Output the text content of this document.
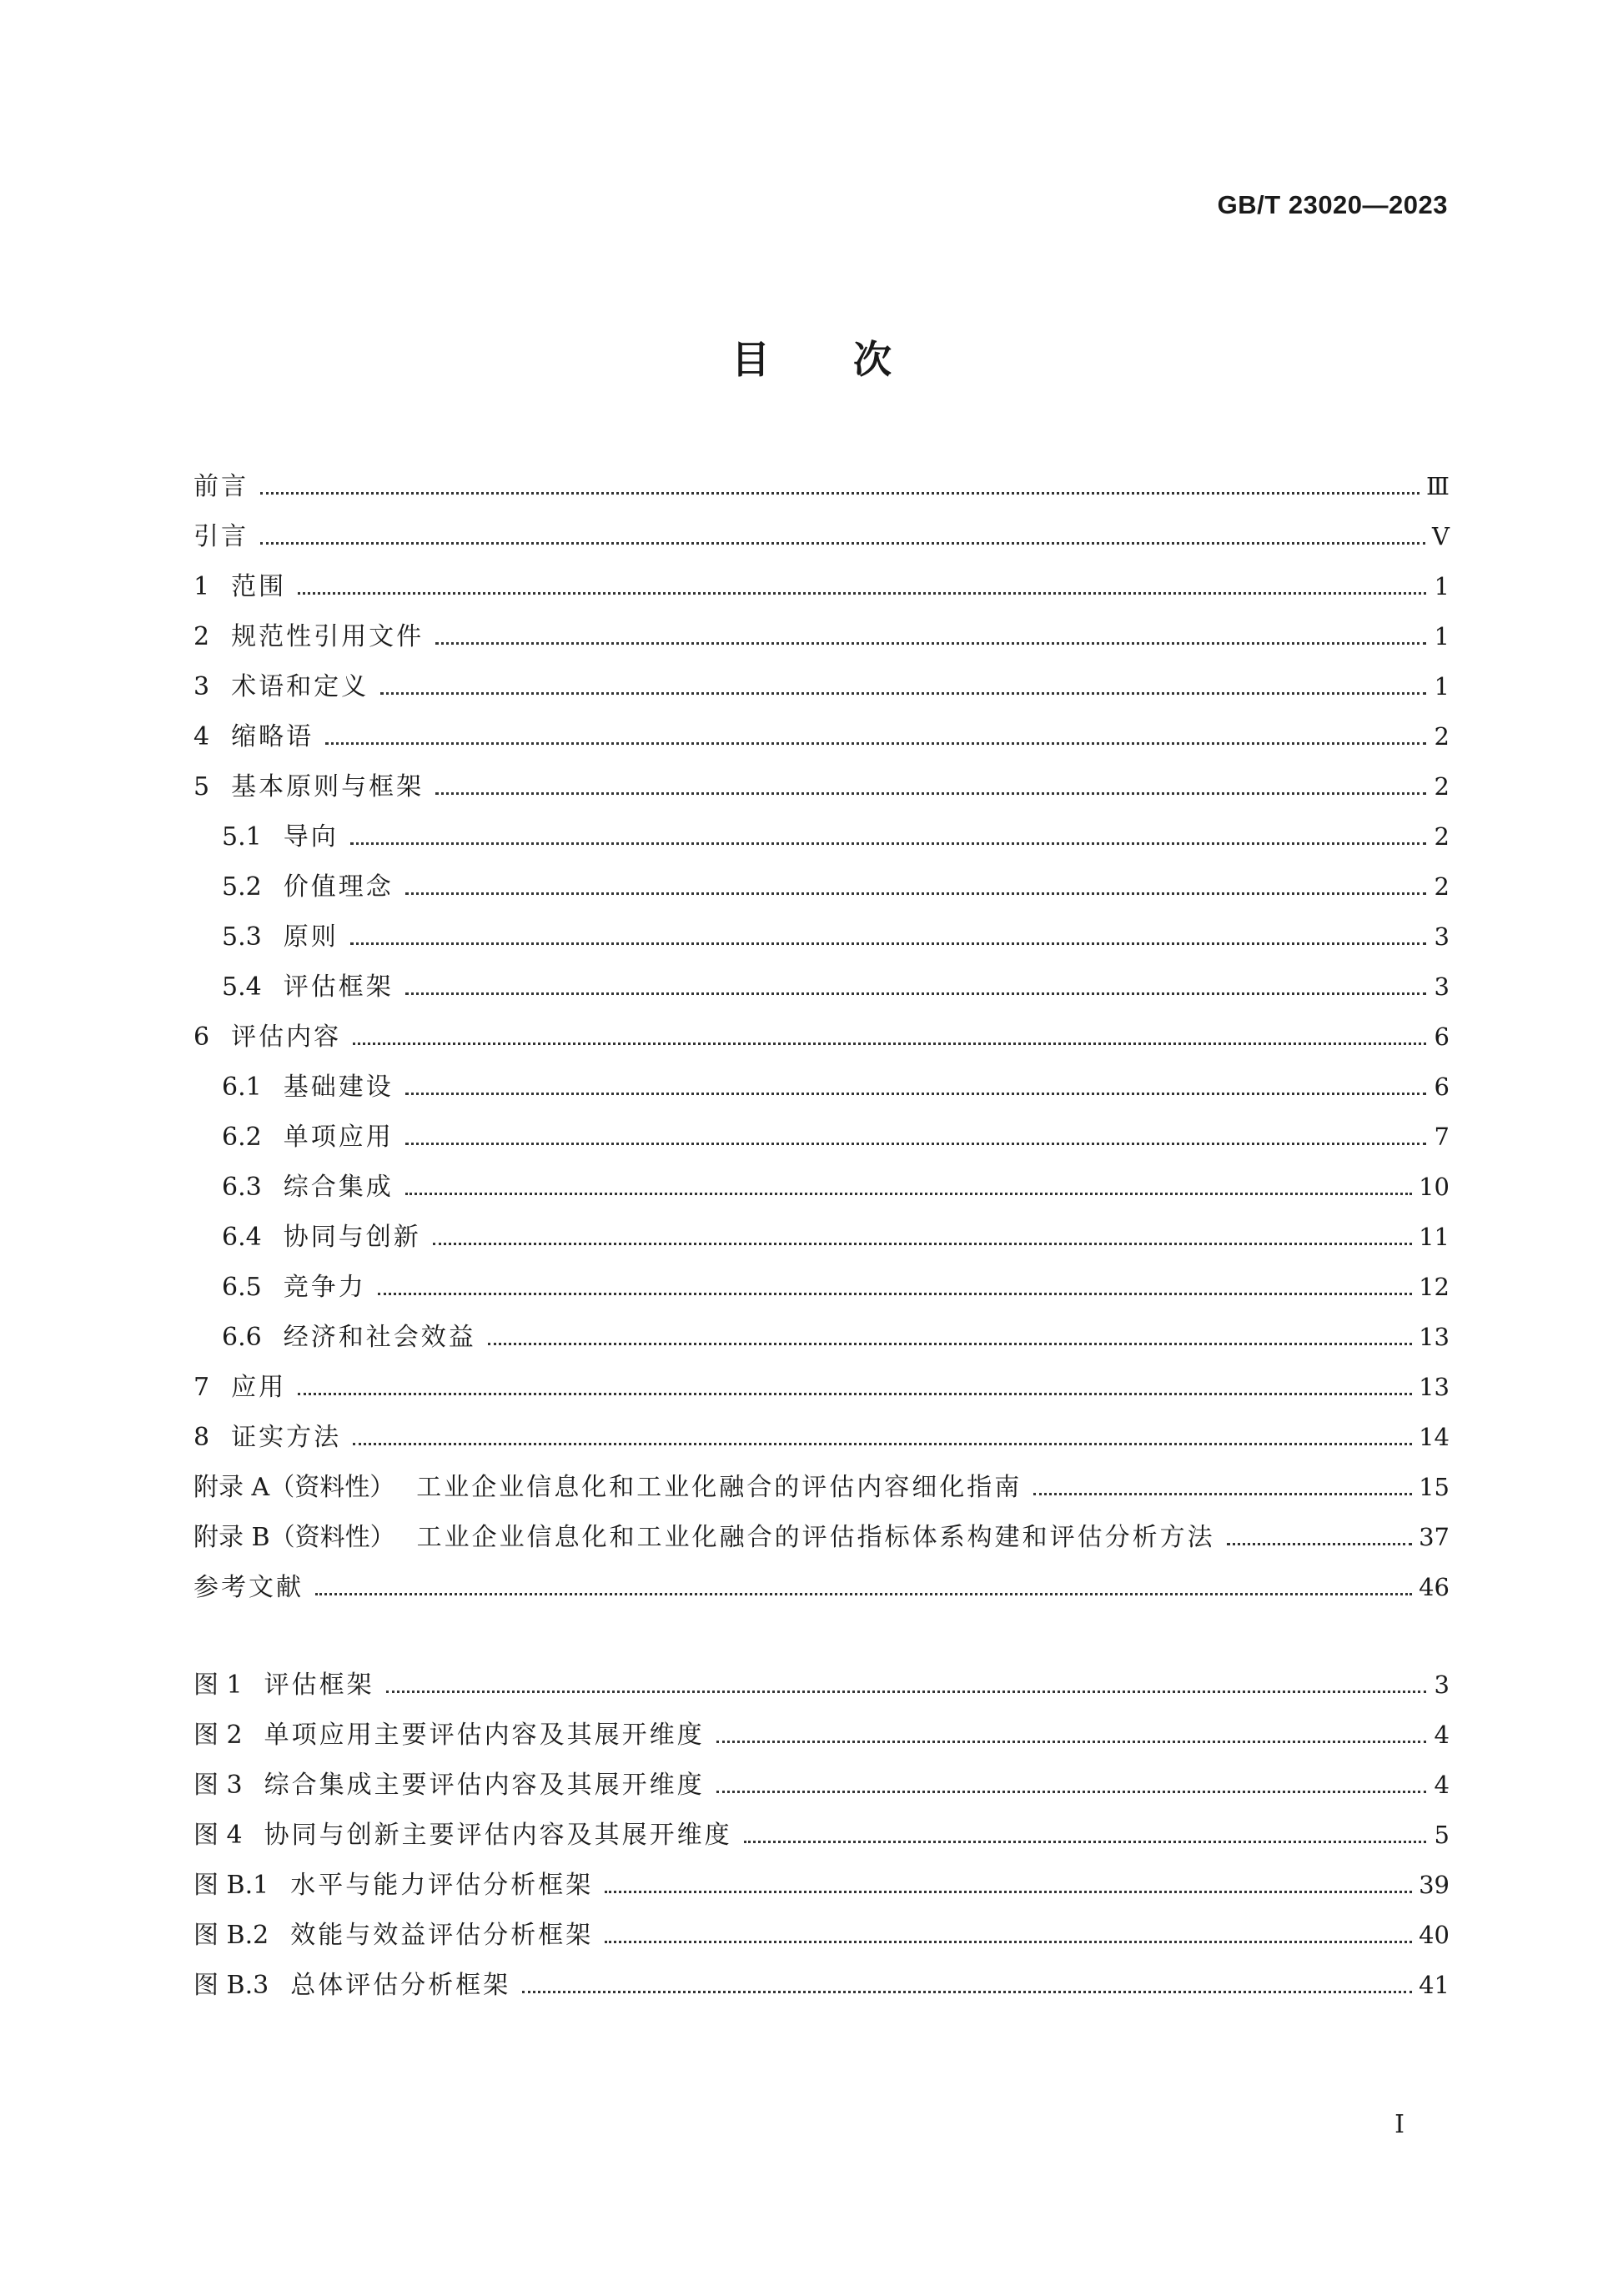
GB/T 23020—2023
目次
前言	Ⅲ
引言	Ⅴ
1 范围	1
2 规范性引用文件	1
3 术语和定义	1
4 缩略语	2
5 基本原则与框架	2
5.1 导向	2
5.2 价值理念	2
5.3 原则	3
5.4 评估框架	3
6 评估内容	6
6.1 基础建设	6
6.2 单项应用	7
6.3 综合集成	10
6.4 协同与创新	11
6.5 竞争力	12
6.6 经济和社会效益	13
7 应用	13
8 证实方法	14
附录 A（资料性） 工业企业信息化和工业化融合的评估内容细化指南	15
附录 B（资料性） 工业企业信息化和工业化融合的评估指标体系构建和评估分析方法	37
参考文献	46
图 1 评估框架	3
图 2 单项应用主要评估内容及其展开维度	4
图 3 综合集成主要评估内容及其展开维度	4
图 4 协同与创新主要评估内容及其展开维度	5
图 B.1 水平与能力评估分析框架	39
图 B.2 效能与效益评估分析框架	40
图 B.3 总体评估分析框架	41
I
